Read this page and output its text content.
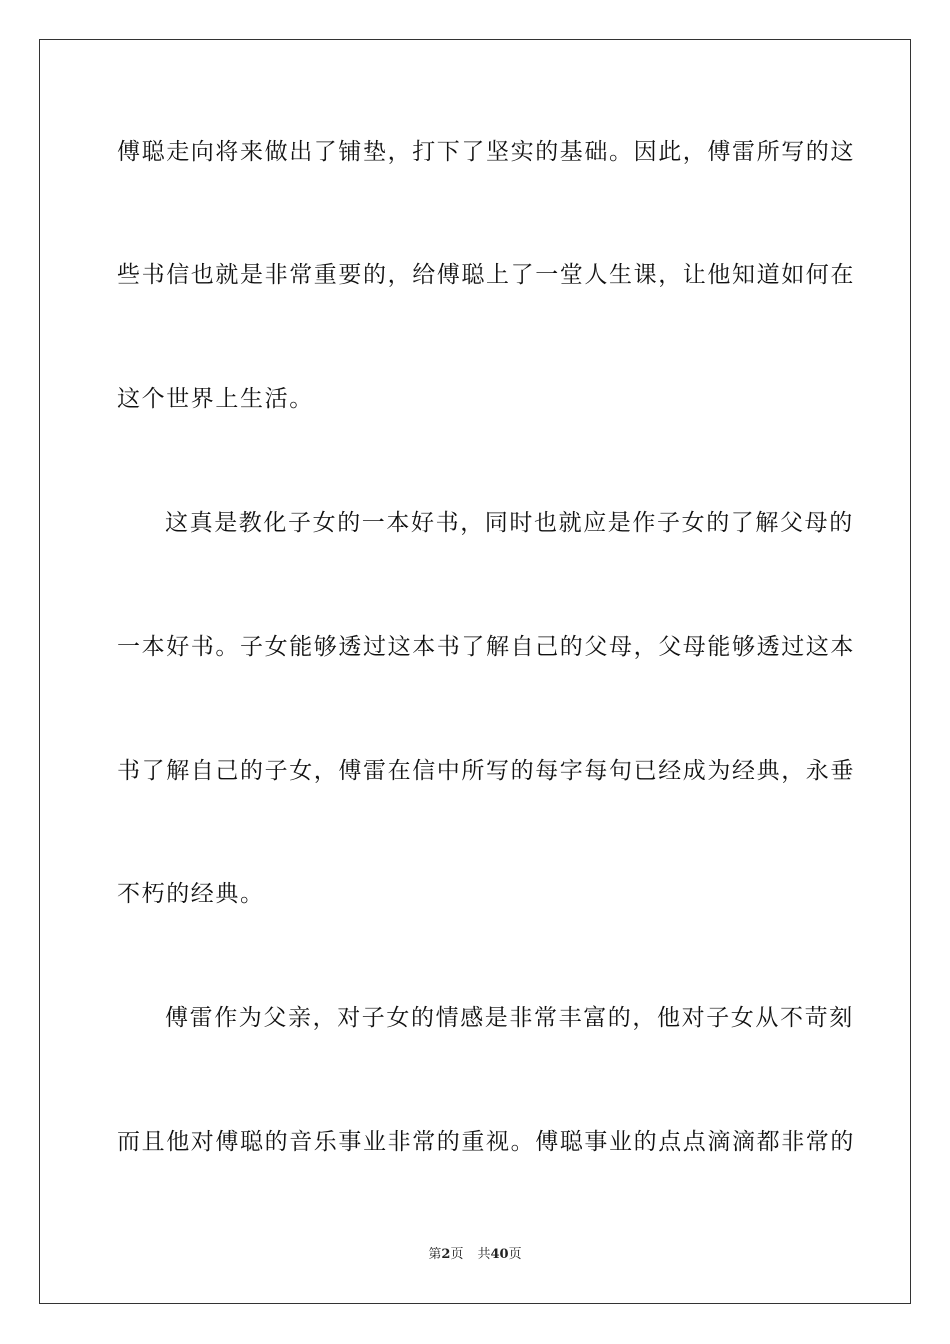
傅聪走向将来做出了铺垫，打下了坚实的基础。因此，傅雷所写的这
些书信也就是非常重要的，给傅聪上了一堂人生课，让他知道如何在
这个世界上生活。
这真是教化子女的一本好书，同时也就应是作子女的了解父母的
一本好书。子女能够透过这本书了解自己的父母，父母能够透过这本
书了解自己的子女，傅雷在信中所写的每字每句已经成为经典，永垂
不朽的经典。
傅雷作为父亲，对子女的情感是非常丰富的，他对子女从不苛刻
而且他对傅聪的音乐事业非常的重视。傅聪事业的点点滴滴都非常的
第2页 共40页
